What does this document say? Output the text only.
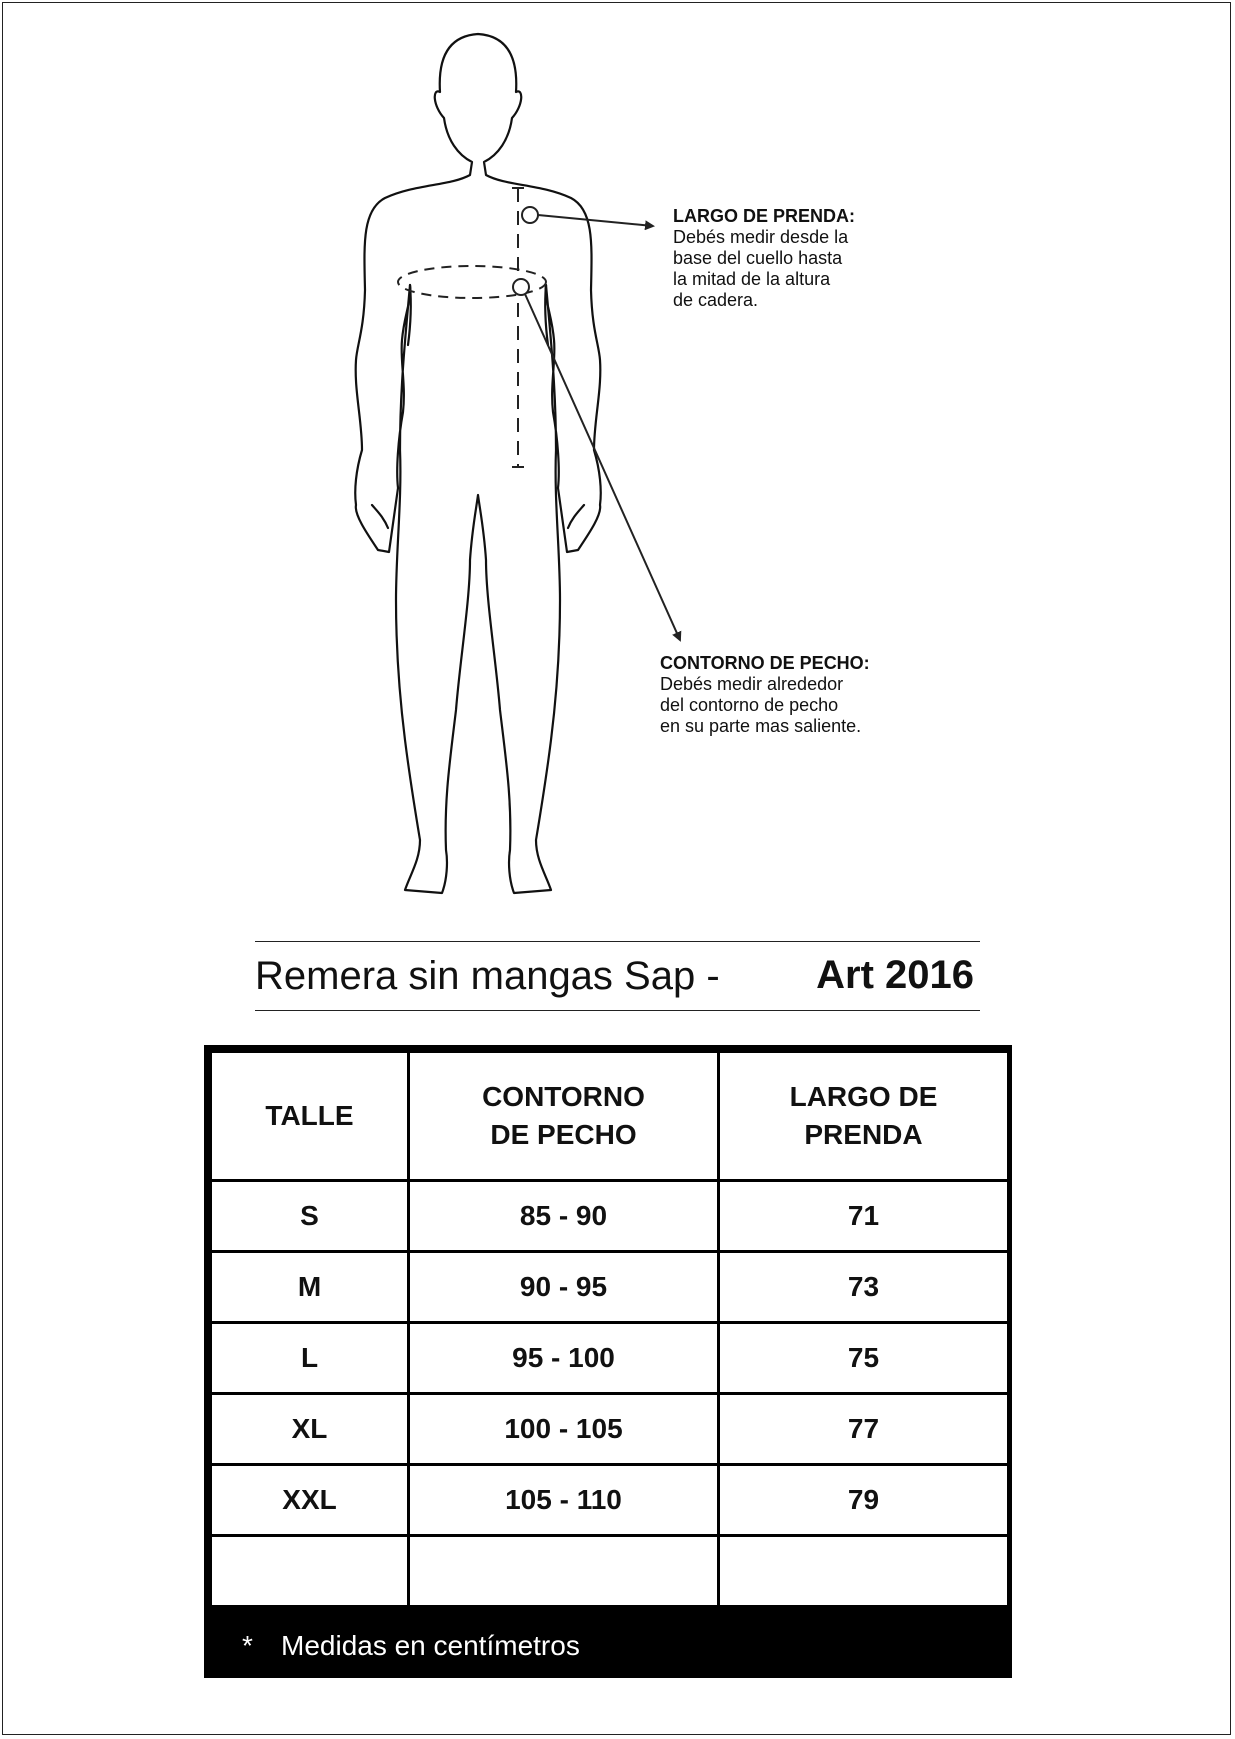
LARGO DE PRENDA:
Debés medir desde la
base del cuello hasta
la mitad de la altura
de cadera.
CONTORNO DE PECHO:
Debés medir alrededor
del contorno de pecho
en su parte mas saliente.
Remera sin mangas Sap - Art 2016
TALLE	CONTORNO DE PECHO	LARGO DE PRENDA
S	85 - 90	71
M	90 - 95	73
L	95 - 100	75
XL	100 - 105	77
XXL	105 - 110	79

* Medidas en centímetros
